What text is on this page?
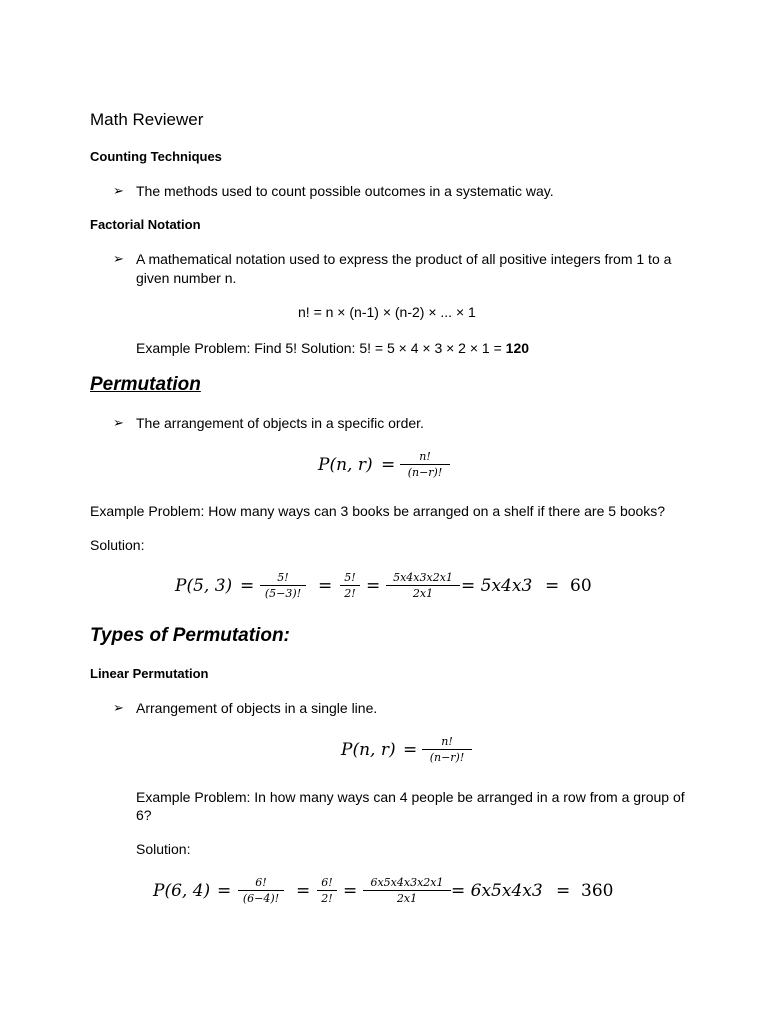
Math Reviewer
Counting Techniques
➢ The methods used to count possible outcomes in a systematic way.
Factorial Notation
➢ A mathematical notation used to express the product of all positive integers from 1 to a
given number n.
n! = n × (n-1) × (n-2) × ... × 1
Example Problem: Find 5! Solution: 5! = 5 × 4 × 3 × 2 × 1 = 120
Permutation
➢ The arrangement of objects in a specific order.
P(n, $r) = \frac{n!}{(n-r)!}$
Example Problem: How many ways can 3 books be arranged on a shelf if there are 5 books?
Solution:
P(5, $3) = \frac{5!}{(5-3)!} = \frac{5!}{2!} = \frac{5x4x3x2x1}{2x1} = 5x4x3 = 60$
Types of Permutation:
Linear Permutation
➢ Arrangement of objects in a single line.
P(n, $r) = \frac{n!}{(n-r)!}$
Example Problem: In how many ways can 4 people be arranged in a row from a group of
6?
Solution:
P(6, $4) = \frac{6!}{(6-4)!} = \frac{6!}{2!} = \frac{6x5x4x3x2x1}{2x1} = 6x5x4x3 = 360$
